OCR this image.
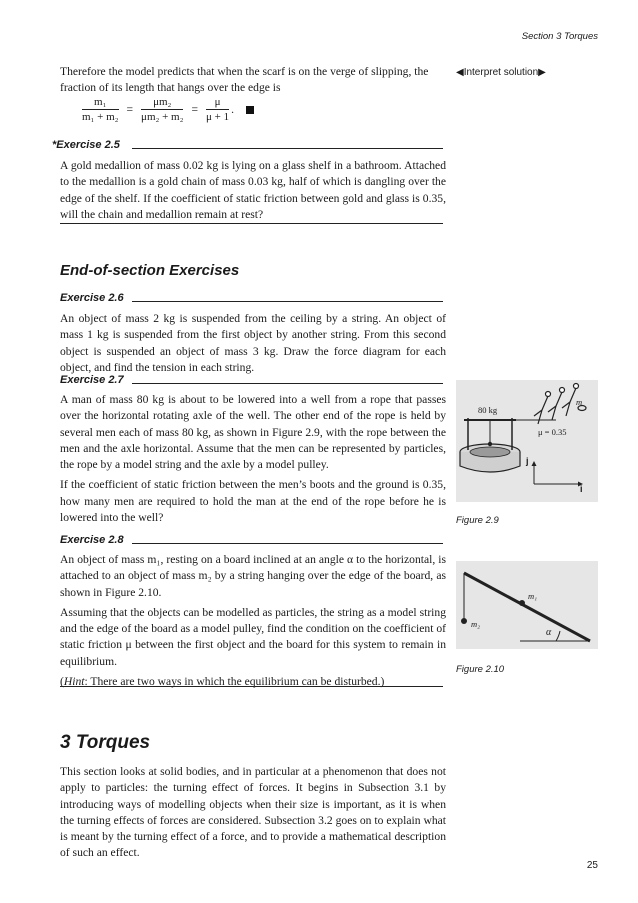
Section 3 Torques

Therefore the model predicts that when the scarf is on the verge of slipping, the fraction of its length that hangs over the edge is

◀Interpret solution▶
$\frac{\text{m₁}}{\text{m₁ + m₂}} = \frac{\text{μm₂}}{\text{μm₂ + m₂}} = \frac{\mu}{\mu + 1}$ .
*Exercise 2.5

A gold medallion of mass 0.02 kg is lying on a glass shelf in a bathroom. Attached to the medallion is a gold chain of mass 0.03 kg, half of which is dangling over the edge of the shelf. If the coefficient of static friction between gold and glass is 0.35, will the chain and medallion remain at rest?

End-of-section Exercises
Exercise 2.6

An object of mass 2 kg is suspended from the ceiling by a string. An object of mass 1 kg is suspended from the first object by another string. From this second object is suspended an object of mass 3 kg. Draw the force diagram for each object, and find the tension in each string.

Exercise 2.7

A man of mass 80 kg is about to be lowered into a well from a rope that passes over the horizontal rotating axle of the well. The other end of the rope is held by several men each of mass 80 kg, as shown in Figure 2.9, with the rope between the men and the axle horizontal. Assume that the men can be represented by particles, the rope by a model string and the axle by a model pulley.

If the coefficient of static friction between the men’s boots and the ground is 0.35, how many men are required to hold the man at the end of the rope before he is lowered into the well?

Exercise 2.8

An object of mass m₁, resting on a board inclined at an angle α to the horizontal, is attached to an object of mass m₂ by a string hanging over the edge of the board, as shown in Figure 2.10.

Assuming that the objects can be modelled as particles, the string as a model string and the edge of the board as a model pulley, find the condition on the coefficient of static friction μ between the first object and the board for this system to remain in equilibrium.

(Hint: There are two ways in which the equilibrium can be disturbed.)

80 kg
m
μ = 0.35
j
i
Figure 2.9
m₁
m₂
α
Figure 2.10
3 Torques

This section looks at solid bodies, and in particular at a phenomenon that does not apply to particles: the turning effect of forces. It begins in Subsection 3.1 by introducing ways of modelling objects when their size is important, as it is when the turning effects of forces are considered. Subsection 3.2 goes on to explain what is meant by the turning effect of a force, and to provide a mathematical description of such an effect.

25
